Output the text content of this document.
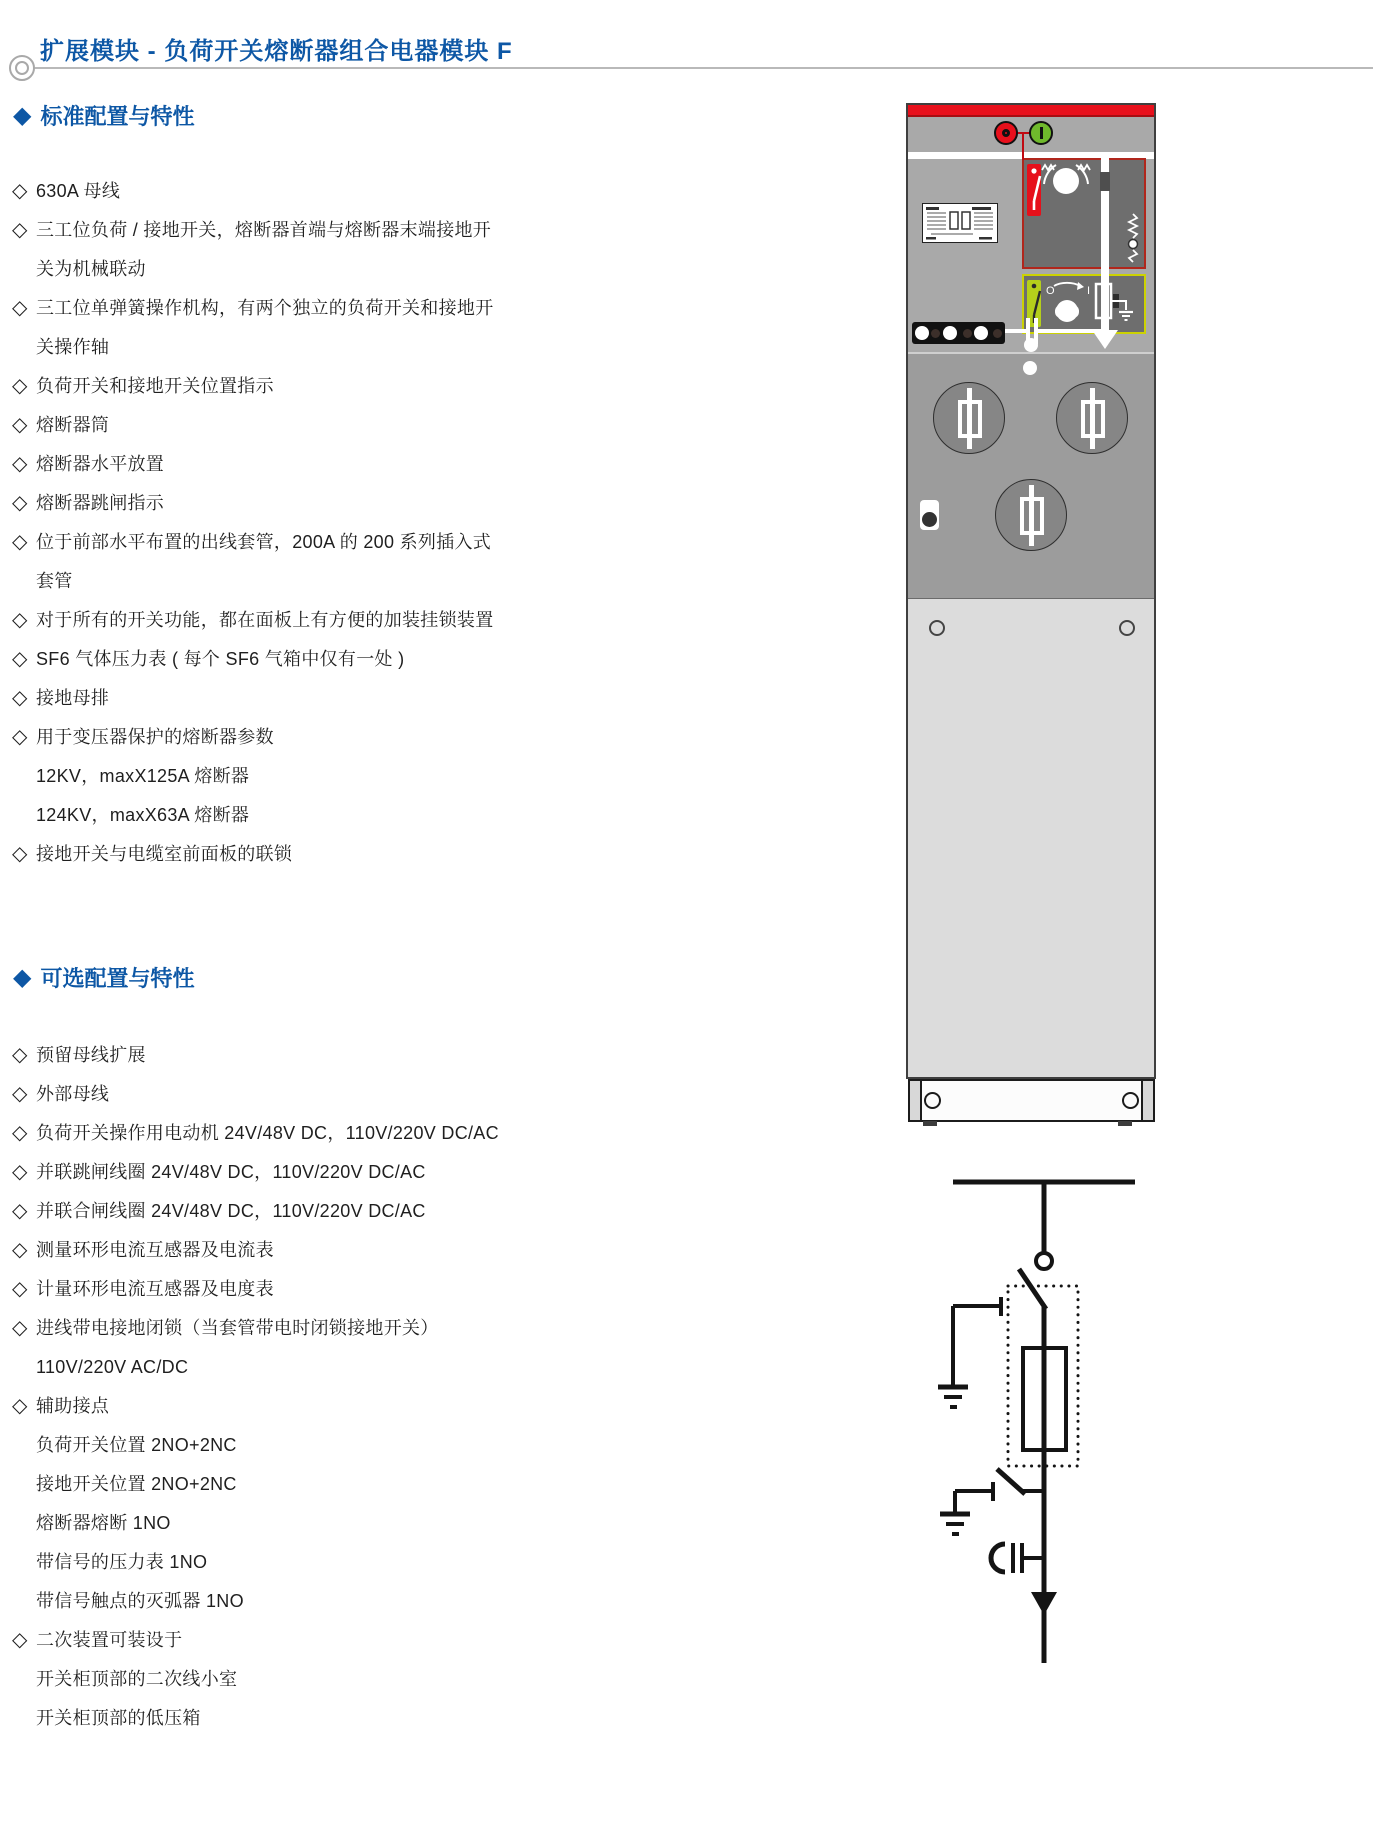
扩展模块 - 负荷开关熔断器组合电器模块 F
◆ 标准配置与特性
◇ 630A 母线
◇ 三工位负荷 / 接地开关，熔断器首端与熔断器末端接地开
关为机械联动
◇ 三工位单弹簧操作机构，有两个独立的负荷开关和接地开
关操作轴
◇ 负荷开关和接地开关位置指示
◇ 熔断器筒
◇ 熔断器水平放置
◇ 熔断器跳闸指示
◇ 位于前部水平布置的出线套管，200A 的 200 系列插入式
套管
◇ 对于所有的开关功能，都在面板上有方便的加装挂锁装置
◇ SF6 气体压力表 ( 每个 SF6 气箱中仅有一处 )
◇ 接地母排
◇ 用于变压器保护的熔断器参数
12KV，maxX125A 熔断器
124KV，maxX63A 熔断器
◇ 接地开关与电缆室前面板的联锁
◆ 可选配置与特性
◇ 预留母线扩展
◇ 外部母线
◇ 负荷开关操作用电动机 24V/48V DC，110V/220V DC/AC
◇ 并联跳闸线圈 24V/48V DC，110V/220V DC/AC
◇ 并联合闸线圈 24V/48V DC，110V/220V DC/AC
◇ 测量环形电流互感器及电流表
◇ 计量环形电流互感器及电度表
◇ 进线带电接地闭锁（当套管带电时闭锁接地开关）
110V/220V AC/DC
◇ 辅助接点
负荷开关位置 2NO+2NC
接地开关位置 2NO+2NC
熔断器熔断 1NO
带信号的压力表 1NO
带信号触点的灭弧器 1NO
◇ 二次装置可装设于
开关柜顶部的二次线小室
开关柜顶部的低压箱
O	I
